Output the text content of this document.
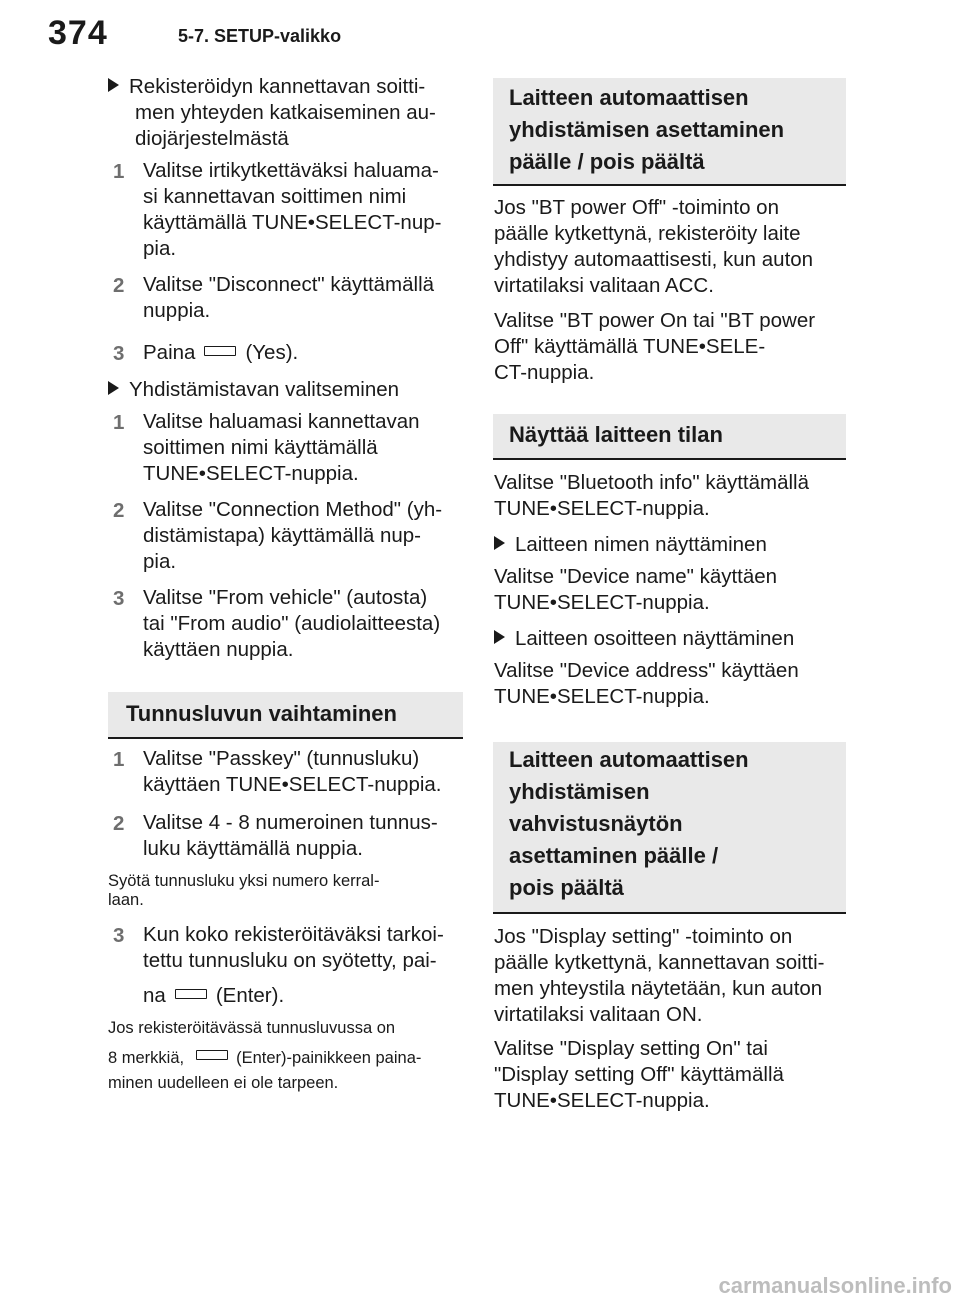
374	5-7. SETUP-valikko
Rekisteröidyn kannettavan soitti-
men yhteyden katkaiseminen au-
diojärjestelmästä
1 Valitse irtikytkettäväksi haluama-
si kannettavan soittimen nimi
käyttämällä TUNE•SELECT-nup-
pia.
2 Valitse "Disconnect" käyttämällä
nuppia.
3 Paina (Yes).
Yhdistämistavan valitseminen
1 Valitse haluamasi kannettavan
soittimen nimi käyttämällä
TUNE•SELECT-nuppia.
2 Valitse "Connection Method" (yh-
distämistapa) käyttämällä nup-
pia.
3 Valitse "From vehicle" (autosta)
tai "From audio" (audiolaitteesta)
käyttäen nuppia.
Tunnusluvun vaihtaminen
1 Valitse "Passkey" (tunnusluku)
käyttäen TUNE•SELECT-nuppia.
2 Valitse 4 - 8 numeroinen tunnus-
luku käyttämällä nuppia.
Syötä tunnusluku yksi numero kerral-
laan.
3 Kun koko rekisteröitäväksi tarkoi-
tettu tunnusluku on syötetty, pai-
na (Enter).
Jos rekisteröitävässä tunnusluvussa on
8 merkkiä,	(Enter)-painikkeen paina-
minen uudelleen ei ole tarpeen.
Laitteen automaattisen
yhdistämisen asettaminen
päälle / pois päältä
Jos "BT power Off" -toiminto on
päälle kytkettynä, rekisteröity laite
yhdistyy automaattisesti, kun auton
virtatilaksi valitaan ACC.
Valitse "BT power On tai "BT power
Off" käyttämällä TUNE•SELE-
CT-nuppia.
Näyttää laitteen tilan
Valitse "Bluetooth info" käyttämällä
TUNE•SELECT-nuppia.
Laitteen nimen näyttäminen
Valitse "Device name" käyttäen
TUNE•SELECT-nuppia.
Laitteen osoitteen näyttäminen
Valitse "Device address" käyttäen
TUNE•SELECT-nuppia.
Laitteen automaattisen
yhdistämisen
vahvistusnäytön
asettaminen päälle /
pois päältä
Jos "Display setting" -toiminto on
päälle kytkettynä, kannettavan soitti-
men yhteystila näytetään, kun auton
virtatilaksi valitaan ON.
Valitse "Display setting On" tai
"Display setting Off" käyttämällä
TUNE•SELECT-nuppia.
carmanualsonline.info
